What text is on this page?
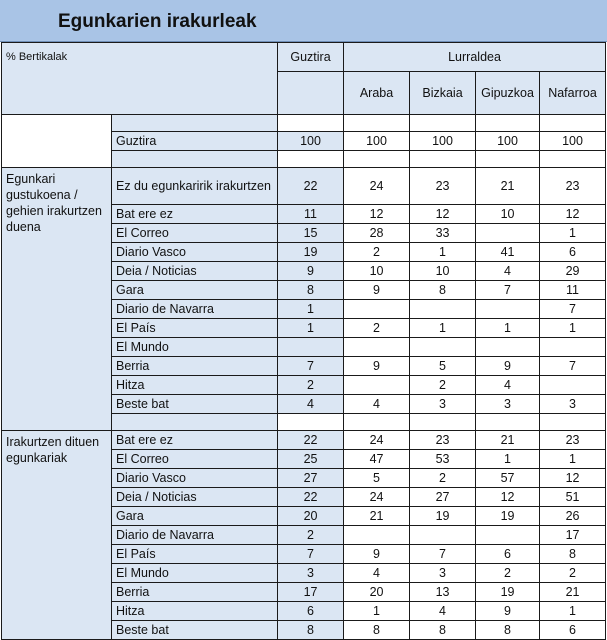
Egunkarien irakurleak
% Bertikalak		Guztira	Lurraldea			
			Araba	Bizkaia	Gipuzkoa	Nafarroa

	Guztira	100	100	100	100	100

Egunkari gustukoena / gehien irakurtzen duena	Ez du egunkaririk irakurtzen	22	24	23	21	23
	Bat ere ez	11	12	12	10	12
	El Correo	15	28	33		1
	Diario Vasco	19	2	1	41	6
	Deia / Noticias	9	10	10	4	29
	Gara	8	9	8	7	11
	Diario de Navarra	1				7
	El País	1	2	1	1	1
	El Mundo					
	Berria	7	9	5	9	7
	Hitza	2		2	4	
	Beste bat	4	4	3	3	3

Irakurtzen dituen egunkariak	Bat ere ez	22	24	23	21	23
	El Correo	25	47	53	1	1
	Diario Vasco	27	5	2	57	12
	Deia / Noticias	22	24	27	12	51
	Gara	20	21	19	19	26
	Diario de Navarra	2				17
	El País	7	9	7	6	8
	El Mundo	3	4	3	2	2
	Berria	17	20	13	19	21
	Hitza	6	1	4	9	1
	Beste bat	8	8	8	8	6
